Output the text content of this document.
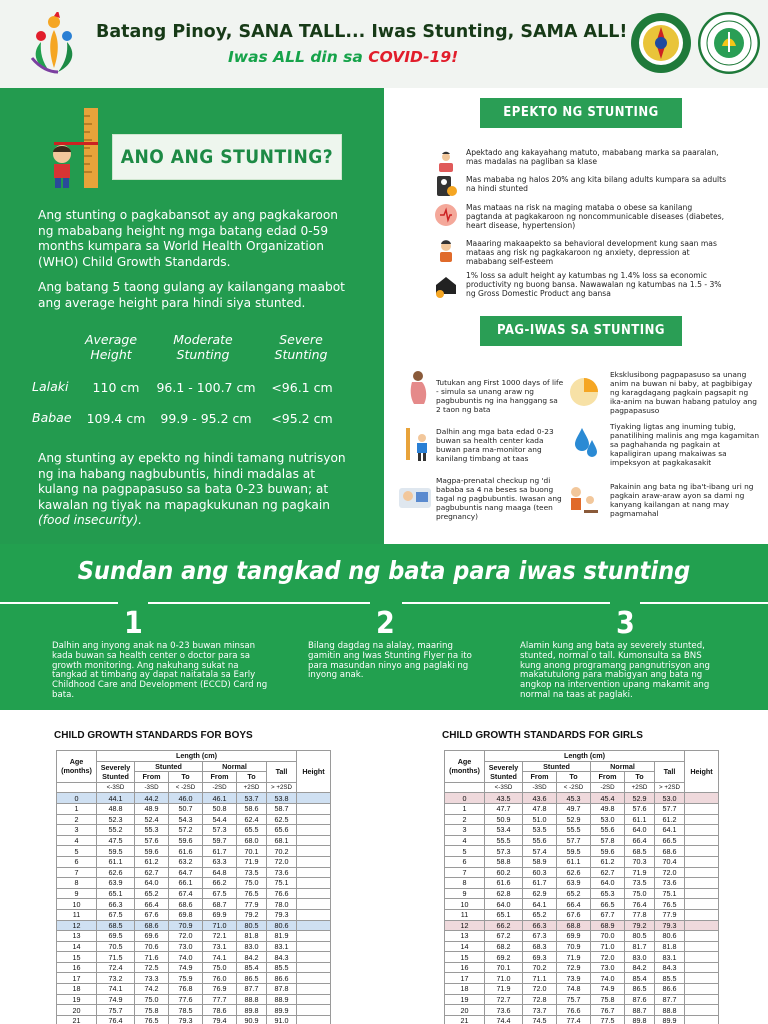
Batang Pinoy, SANA TALL... Iwas Stunting, SAMA ALL!
Iwas ALL din sa COVID-19!
ANO ANG STUNTING?
Ang stunting o pagkabansot ay ang pagkakaroon ng mababang height ng mga batang edad 0-59 months kumpara sa World Health Organization (WHO) Child Growth Standards.
Ang batang 5 taong gulang ay kailangang maabot ang average height para hindi siya stunted.
Average Height
Moderate Stunting
Severe Stunting
Lalaki	110 cm	96.1 - 100.7 cm	<96.1 cm
Babae	109.4 cm	99.9 - 95.2 cm	<95.2 cm
Ang stunting ay epekto ng hindi tamang nutrisyon ng ina habang nagbubuntis, hindi madalas at kulang na pagpapasuso sa bata 0-23 buwan; at kawalan ng tiyak na mapagkukunan ng pagkain (food insecurity).
EPEKTO NG STUNTING
Apektado ang kakayahang matuto, mababang marka sa paaralan, mas madalas na pagliban sa klase
Mas mababa ng halos 20% ang kita bilang adults kumpara sa adults na hindi stunted
Mas mataas na risk na maging mataba o obese sa kanilang pagtanda at pagkakaroon ng noncommunicable diseases (diabetes, heart disease, hypertension)
Maaaring makaapekto sa behavioral development kung saan mas mataas ang risk ng pagkakaroon ng anxiety, depression at mababang self-esteem
1% loss sa adult height ay katumbas ng 1.4% loss sa economic productivity ng buong bansa. Nawawalan ng katumbas na 1.5 - 3% ng Gross Domestic Product ang bansa
PAG-IWAS SA STUNTING
Tutukan ang First 1000 days of life - simula sa unang araw ng pagbubuntis ng ina hanggang sa 2 taon ng bata
Dalhin ang mga bata edad 0-23 buwan sa health center kada buwan para ma-monitor ang kanilang timbang at taas
Magpa-prenatal checkup ng 'di bababa sa 4 na beses sa buong tagal ng pagbubuntis. Iwasan ang pagbubuntis nang maaga (teen pregnancy)
Eksklusibong pagpapasuso sa unang anim na buwan ni baby, at pagbibigay ng karagdagang pagkain pagsapit ng ika-anim na buwan habang patuloy ang pagpapasuso
Tiyaking ligtas ang inuming tubig, panatilihing malinis ang mga kagamitan sa paghahanda ng pagkain at kapaligiran upang makaiwas sa impeksyon at pagkakasakit
Pakainin ang bata ng iba't-ibang uri ng pagkain araw-araw ayon sa dami ng kanyang kailangan at nang may pagmamahal
Sundan ang tangkad ng bata para iwas stunting
1	2	3
Dalhin ang inyong anak na 0-23 buwan minsan kada buwan sa health center o doctor para sa growth monitoring. Ang nakuhang sukat na tangkad at timbang ay dapat naitatala sa Early Childhood Care and Development (ECCD) Card ng bata.
Bilang dagdag na alalay, maaring gamitin ang Iwas Stunting Flyer na ito para masundan ninyo ang paglaki ng inyong anak.
Alamin kung ang bata ay severely stunted, stunted, normal o tall. Kumonsulta sa BNS kung anong programang pangnutrisyon ang makatutulong para mabigyan ang bata ng angkop na intervention upang makamit ang normal na taas at paglaki.
CHILD GROWTH STANDARDS FOR BOYS
Age (months)	Length (cm)						Height
	Severely Stunted	Stunted		Normal		Tall	
		From	To	From	To		
	<-3SD	-3SD	< -2SD	-2SD	+2SD	> +2SD	
0	44.1	44.2	46.0	46.1	53.7	53.8	
1	48.8	48.9	50.7	50.8	58.6	58.7	
2	52.3	52.4	54.3	54.4	62.4	62.5	
3	55.2	55.3	57.2	57.3	65.5	65.6	
4	47.5	57.6	59.6	59.7	68.0	68.1	
5	59.5	59.6	61.6	61.7	70.1	70.2	
6	61.1	61.2	63.2	63.3	71.9	72.0	
7	62.6	62.7	64.7	64.8	73.5	73.6	
8	63.9	64.0	66.1	66.2	75.0	75.1	
9	65.1	65.2	67.4	67.5	76.5	76.6	
10	66.3	66.4	68.6	68.7	77.9	78.0	
11	67.5	67.6	69.8	69.9	79.2	79.3	
12	68.5	68.6	70.9	71.0	80.5	80.6	
13	69.5	69.6	72.0	72.1	81.8	81.9	
14	70.5	70.6	73.0	73.1	83.0	83.1	
15	71.5	71.6	74.0	74.1	84.2	84.3	
16	72.4	72.5	74.9	75.0	85.4	85.5	
17	73.2	73.3	75.9	76.0	86.5	86.6	
18	74.1	74.2	76.8	76.9	87.7	87.8	
19	74.9	75.0	77.6	77.7	88.8	88.9	
20	75.7	75.8	78.5	78.6	89.8	89.9	
21	76.4	76.5	79.3	79.4	90.9	91.0	
CHILD GROWTH STANDARDS FOR GIRLS
Age (months)	Length (cm)						Height
	Severely Stunted	Stunted		Normal		Tall	
		From	To	From	To		
	<-3SD	-3SD	< -2SD	-2SD	+2SD	> +2SD	
0	43.5	43.6	45.3	45.4	52.9	53.0	
1	47.7	47.8	49.7	49.8	57.6	57.7	
2	50.9	51.0	52.9	53.0	61.1	61.2	
3	53.4	53.5	55.5	55.6	64.0	64.1	
4	55.5	55.6	57.7	57.8	66.4	66.5	
5	57.3	57.4	59.5	59.6	68.5	68.6	
6	58.8	58.9	61.1	61.2	70.3	70.4	
7	60.2	60.3	62.6	62.7	71.9	72.0	
8	61.6	61.7	63.9	64.0	73.5	73.6	
9	62.8	62.9	65.2	65.3	75.0	75.1	
10	64.0	64.1	66.4	66.5	76.4	76.5	
11	65.1	65.2	67.6	67.7	77.8	77.9	
12	66.2	66.3	68.8	68.9	79.2	79.3	
13	67.2	67.3	69.9	70.0	80.5	80.6	
14	68.2	68.3	70.9	71.0	81.7	81.8	
15	69.2	69.3	71.9	72.0	83.0	83.1	
16	70.1	70.2	72.9	73.0	84.2	84.3	
17	71.0	71.1	73.9	74.0	85.4	85.5	
18	71.9	72.0	74.8	74.9	86.5	86.6	
19	72.7	72.8	75.7	75.8	87.6	87.7	
20	73.6	73.7	76.6	76.7	88.7	88.8	
21	74.4	74.5	77.4	77.5	89.8	89.9	
